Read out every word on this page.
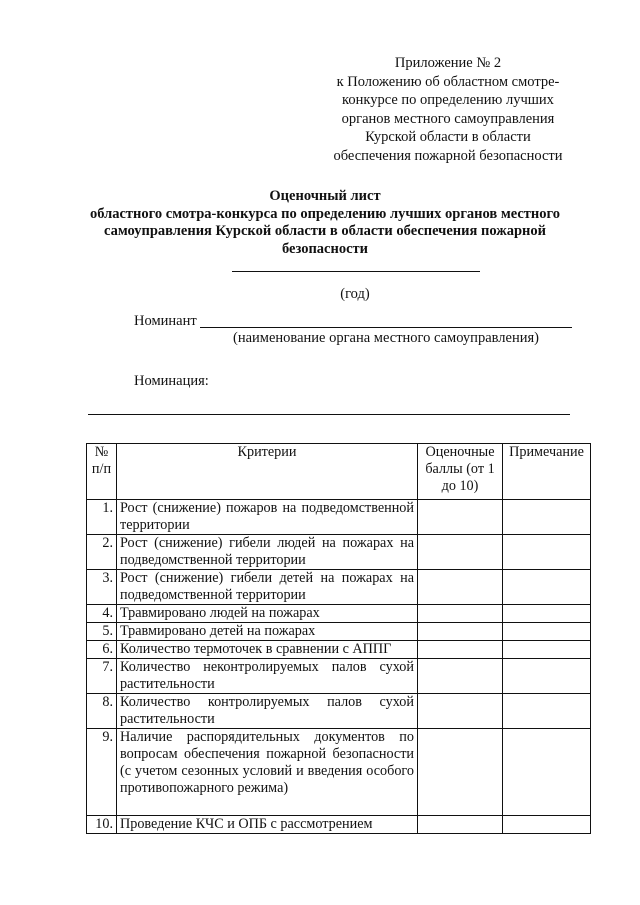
Приложение № 2
к Положению об областном смотре-
конкурсе по определению лучших
органов местного самоуправления
Курской области в области
обеспечения пожарной безопасности
Оценочный лист
областного смотра-конкурса по определению лучших органов местного
самоуправления Курской области в области обеспечения пожарной
безопасности
(год)
Номинант
(наименование органа местного самоуправления)
Номинация:
№ п/п	Критерии	Оценочные баллы (от 1 до 10)	Примечание
1.	Рост (снижение) пожаров на подведомственной территории		
2.	Рост (снижение) гибели людей на пожарах на подведомственной территории		
3.	Рост (снижение) гибели детей на пожарах на подведомственной территории		
4.	Травмировано людей на пожарах		
5.	Травмировано детей на пожарах		
6.	Количество термоточек в сравнении с АППГ		
7.	Количество неконтролируемых палов сухой растительности		
8.	Количество контролируемых палов сухой растительности		
9.	Наличие распорядительных документов по вопросам обеспечения пожарной безопасности (с учетом сезонных условий и введения особого противопожарного режима)		
10.	Проведение КЧС и ОПБ с рассмотрением		
